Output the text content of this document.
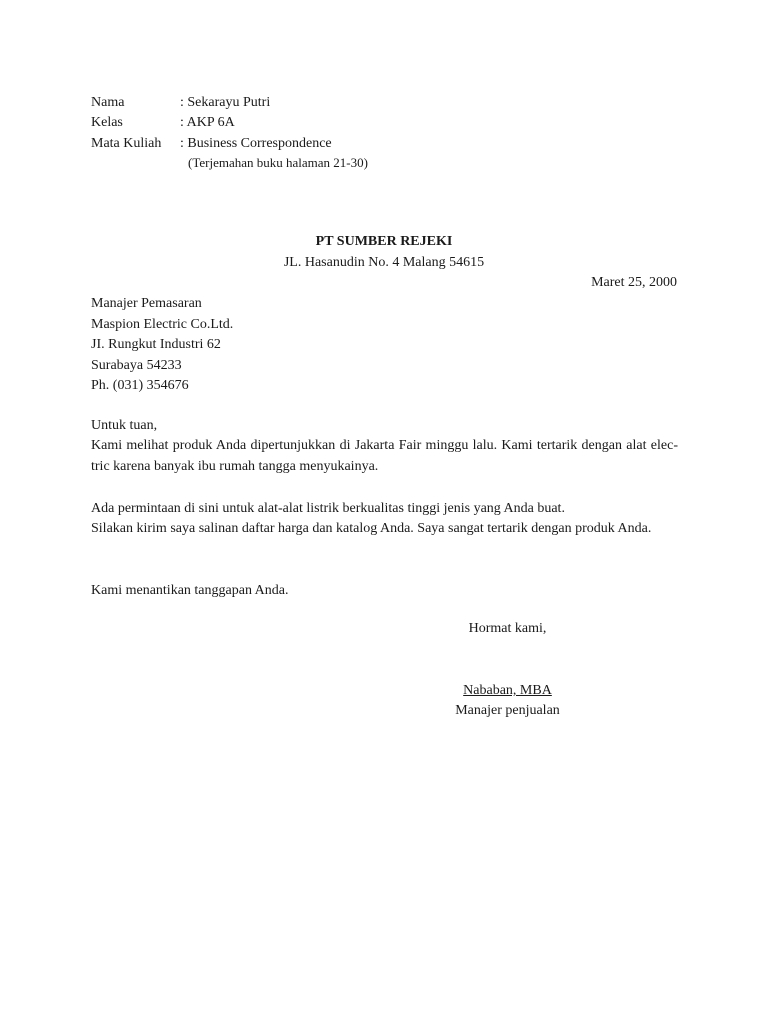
Nama	: Sekarayu Putri
Kelas	: AKP 6A
Mata Kuliah : Business Correspondence
(Terjemahan buku halaman 21-30)
PT SUMBER REJEKI
JL. Hasanudin No. 4 Malang 54615
Maret 25, 2000
Manajer Pemasaran
Maspion Electric Co.Ltd.
JI. Rungkut Industri 62
Surabaya 54233
Ph. (031) 354676
Untuk tuan,
Kami melihat produk Anda dipertunjukkan di Jakarta Fair minggu lalu. Kami tertarik dengan alat elec- tric karena banyak ibu rumah tangga menyukainya.
Ada permintaan di sini untuk alat-alat listrik berkualitas tinggi jenis yang Anda buat.
Silakan kirim saya salinan daftar harga dan katalog Anda. Saya sangat tertarik dengan produk Anda.
Kami menantikan tanggapan Anda.
Hormat kami,
Nababan, MBA
Manajer penjualan
